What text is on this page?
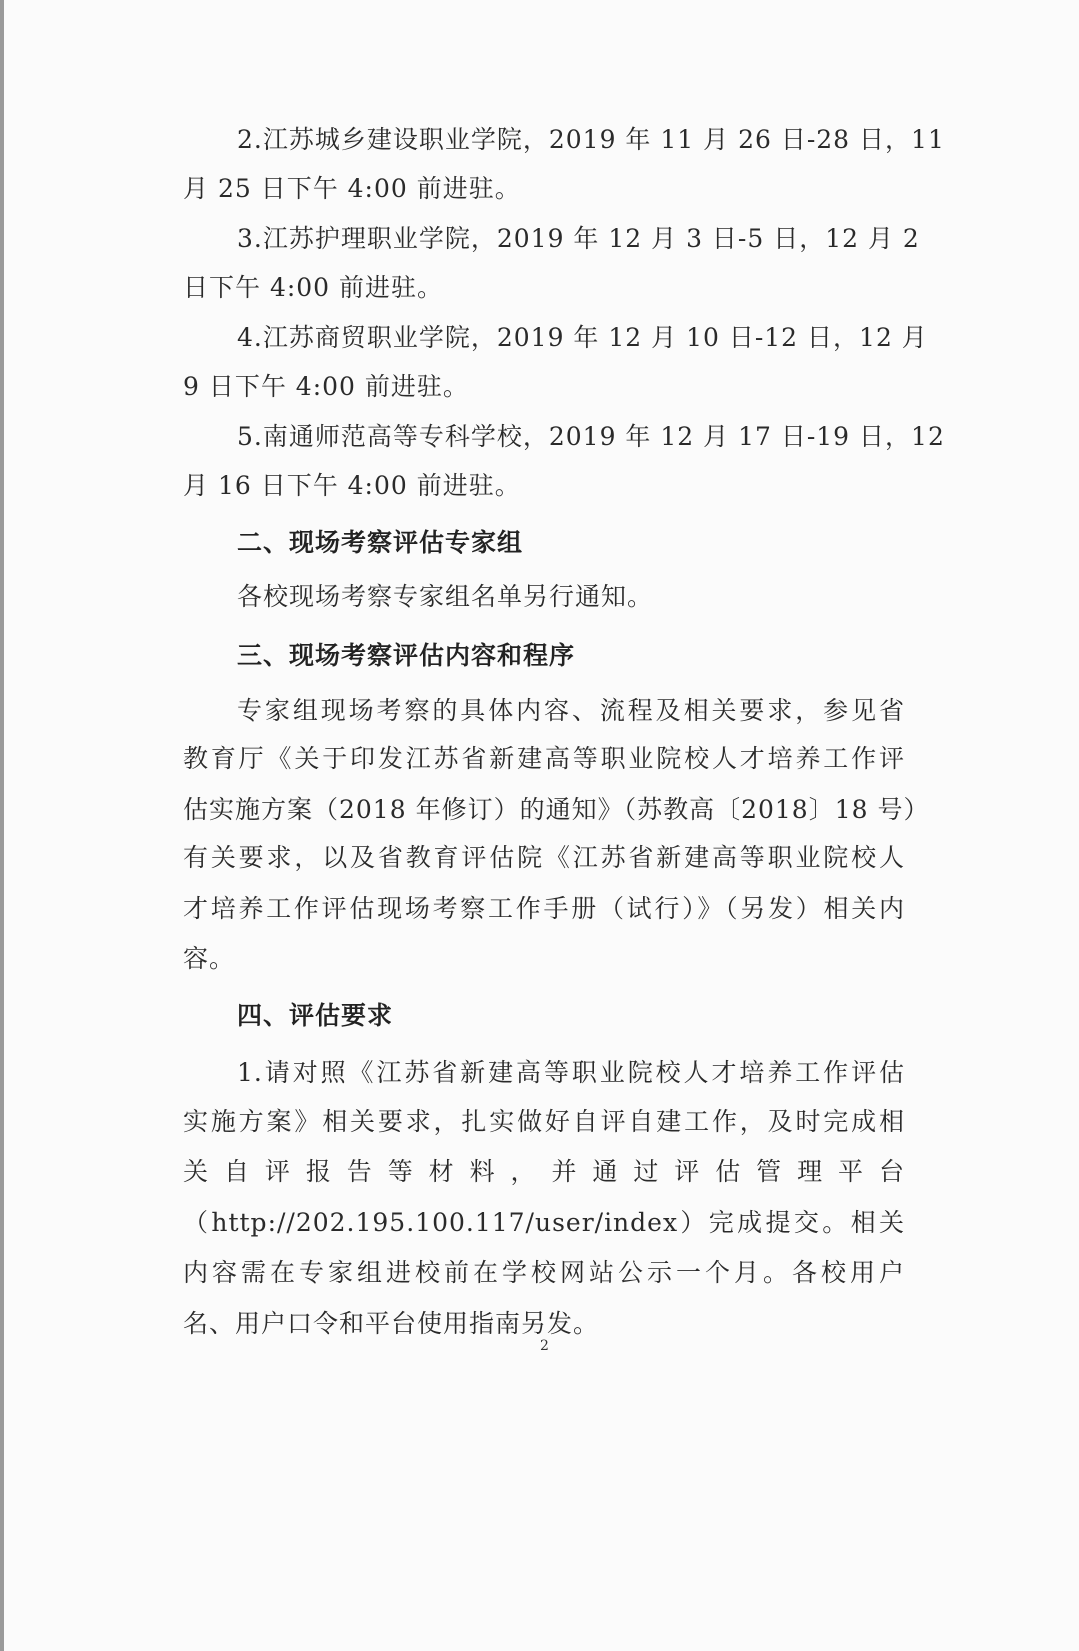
2.江苏城乡建设职业学院，2019 年 11 月 26 日-28 日，11
月 25 日下午 4:00 前进驻。
3.江苏护理职业学院，2019 年 12 月 3 日-5 日，12 月 2
日下午 4:00 前进驻。
4.江苏商贸职业学院，2019 年 12 月 10 日-12 日，12 月
9 日下午 4:00 前进驻。
5.南通师范高等专科学校，2019 年 12 月 17 日-19 日，12
月 16 日下午 4:00 前进驻。
二、现场考察评估专家组
各校现场考察专家组名单另行通知。
三、现场考察评估内容和程序
专家组现场考察的具体内容、流程及相关要求，参见省
教育厅《关于印发江苏省新建高等职业院校人才培养工作评
估实施方案（2018 年修订）的通知》（苏教高〔2018〕18 号）
有关要求，以及省教育评估院《江苏省新建高等职业院校人
才培养工作评估现场考察工作手册（试行）》（另发）相关内
容。
四、评估要求
1.请对照《江苏省新建高等职业院校人才培养工作评估
实施方案》相关要求，扎实做好自评自建工作，及时完成相
关自评报告等材料，并通过评估管理平台
（http://202.195.100.117/user/index）完成提交。相关
内容需在专家组进校前在学校网站公示一个月。各校用户
名、用户口令和平台使用指南另发。
2
